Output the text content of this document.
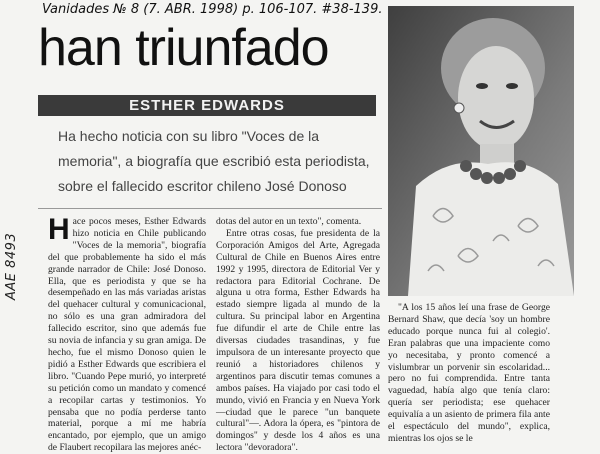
Vanidades № 8 (7. ABR. 1998) p. 106-107. #38-139.
AAE 8493
han triunfado
ESTHER EDWARDS
Ha hecho noticia con su libro "Voces de la memoria", a biografía que escribió esta periodista, sobre el fallecido escritor chileno José Donoso
Hace pocos meses, Esther Edwards hizo noticia en Chile publicando "Voces de la memoria", biografía del que probablemente ha sido el más grande narrador de Chile: José Donoso. Ella, que es periodista y que se ha desempeñado en las más variadas aristas del quehacer cultural y comunicacional, no sólo es una gran admiradora del fallecido escritor, sino que además fue su novia de infancia y su gran amiga. De hecho, fue el mismo Donoso quien le pidió a Esther Edwards que escribiera el libro. "Cuando Pepe murió, yo interpreté su petición como un mandato y comencé a recopilar cartas y testimonios. Yo pensaba que no podía perderse tanto material, porque a mí me habría encantado, por ejemplo, que un amigo de Flaubert recopilara las mejores anéc-

dotas del autor en un texto", comenta.

Entre otras cosas, fue presidenta de la Corporación Amigos del Arte, Agregada Cultural de Chile en Buenos Aires entre 1992 y 1995, directora de Editorial Ver y redactora para Editorial Cochrane. De alguna u otra forma, Esther Edwards ha estado siempre ligada al mundo de la cultura. Su principal labor en Argentina fue difundir el arte de Chile entre las diversas ciudades trasandinas, y fue impulsora de un interesante proyecto que reunió a historiadores chilenos y argentinos para discutir temas comunes a ambos países. Ha viajado por casi todo el mundo, vivió en Francia y en Nueva York —ciudad que le parece "un banquete cultural"—. Adora la ópera, es "pintora de domingos" y desde los 4 años es una lectora "devoradora".

"A los 15 años leí una frase de George Bernard Shaw, que decía 'soy un hombre educado porque nunca fui al colegio'. Eran palabras que una impaciente como yo necesitaba, y pronto comencé a vislumbrar un porvenir sin escolaridad... pero no fui comprendida. Entre tanta vaguedad, había algo que tenía claro: quería ser periodista; ese quehacer equivalía a un asiento de primera fila ante el espectáculo del mundo", explica, mientras los ojos se le
